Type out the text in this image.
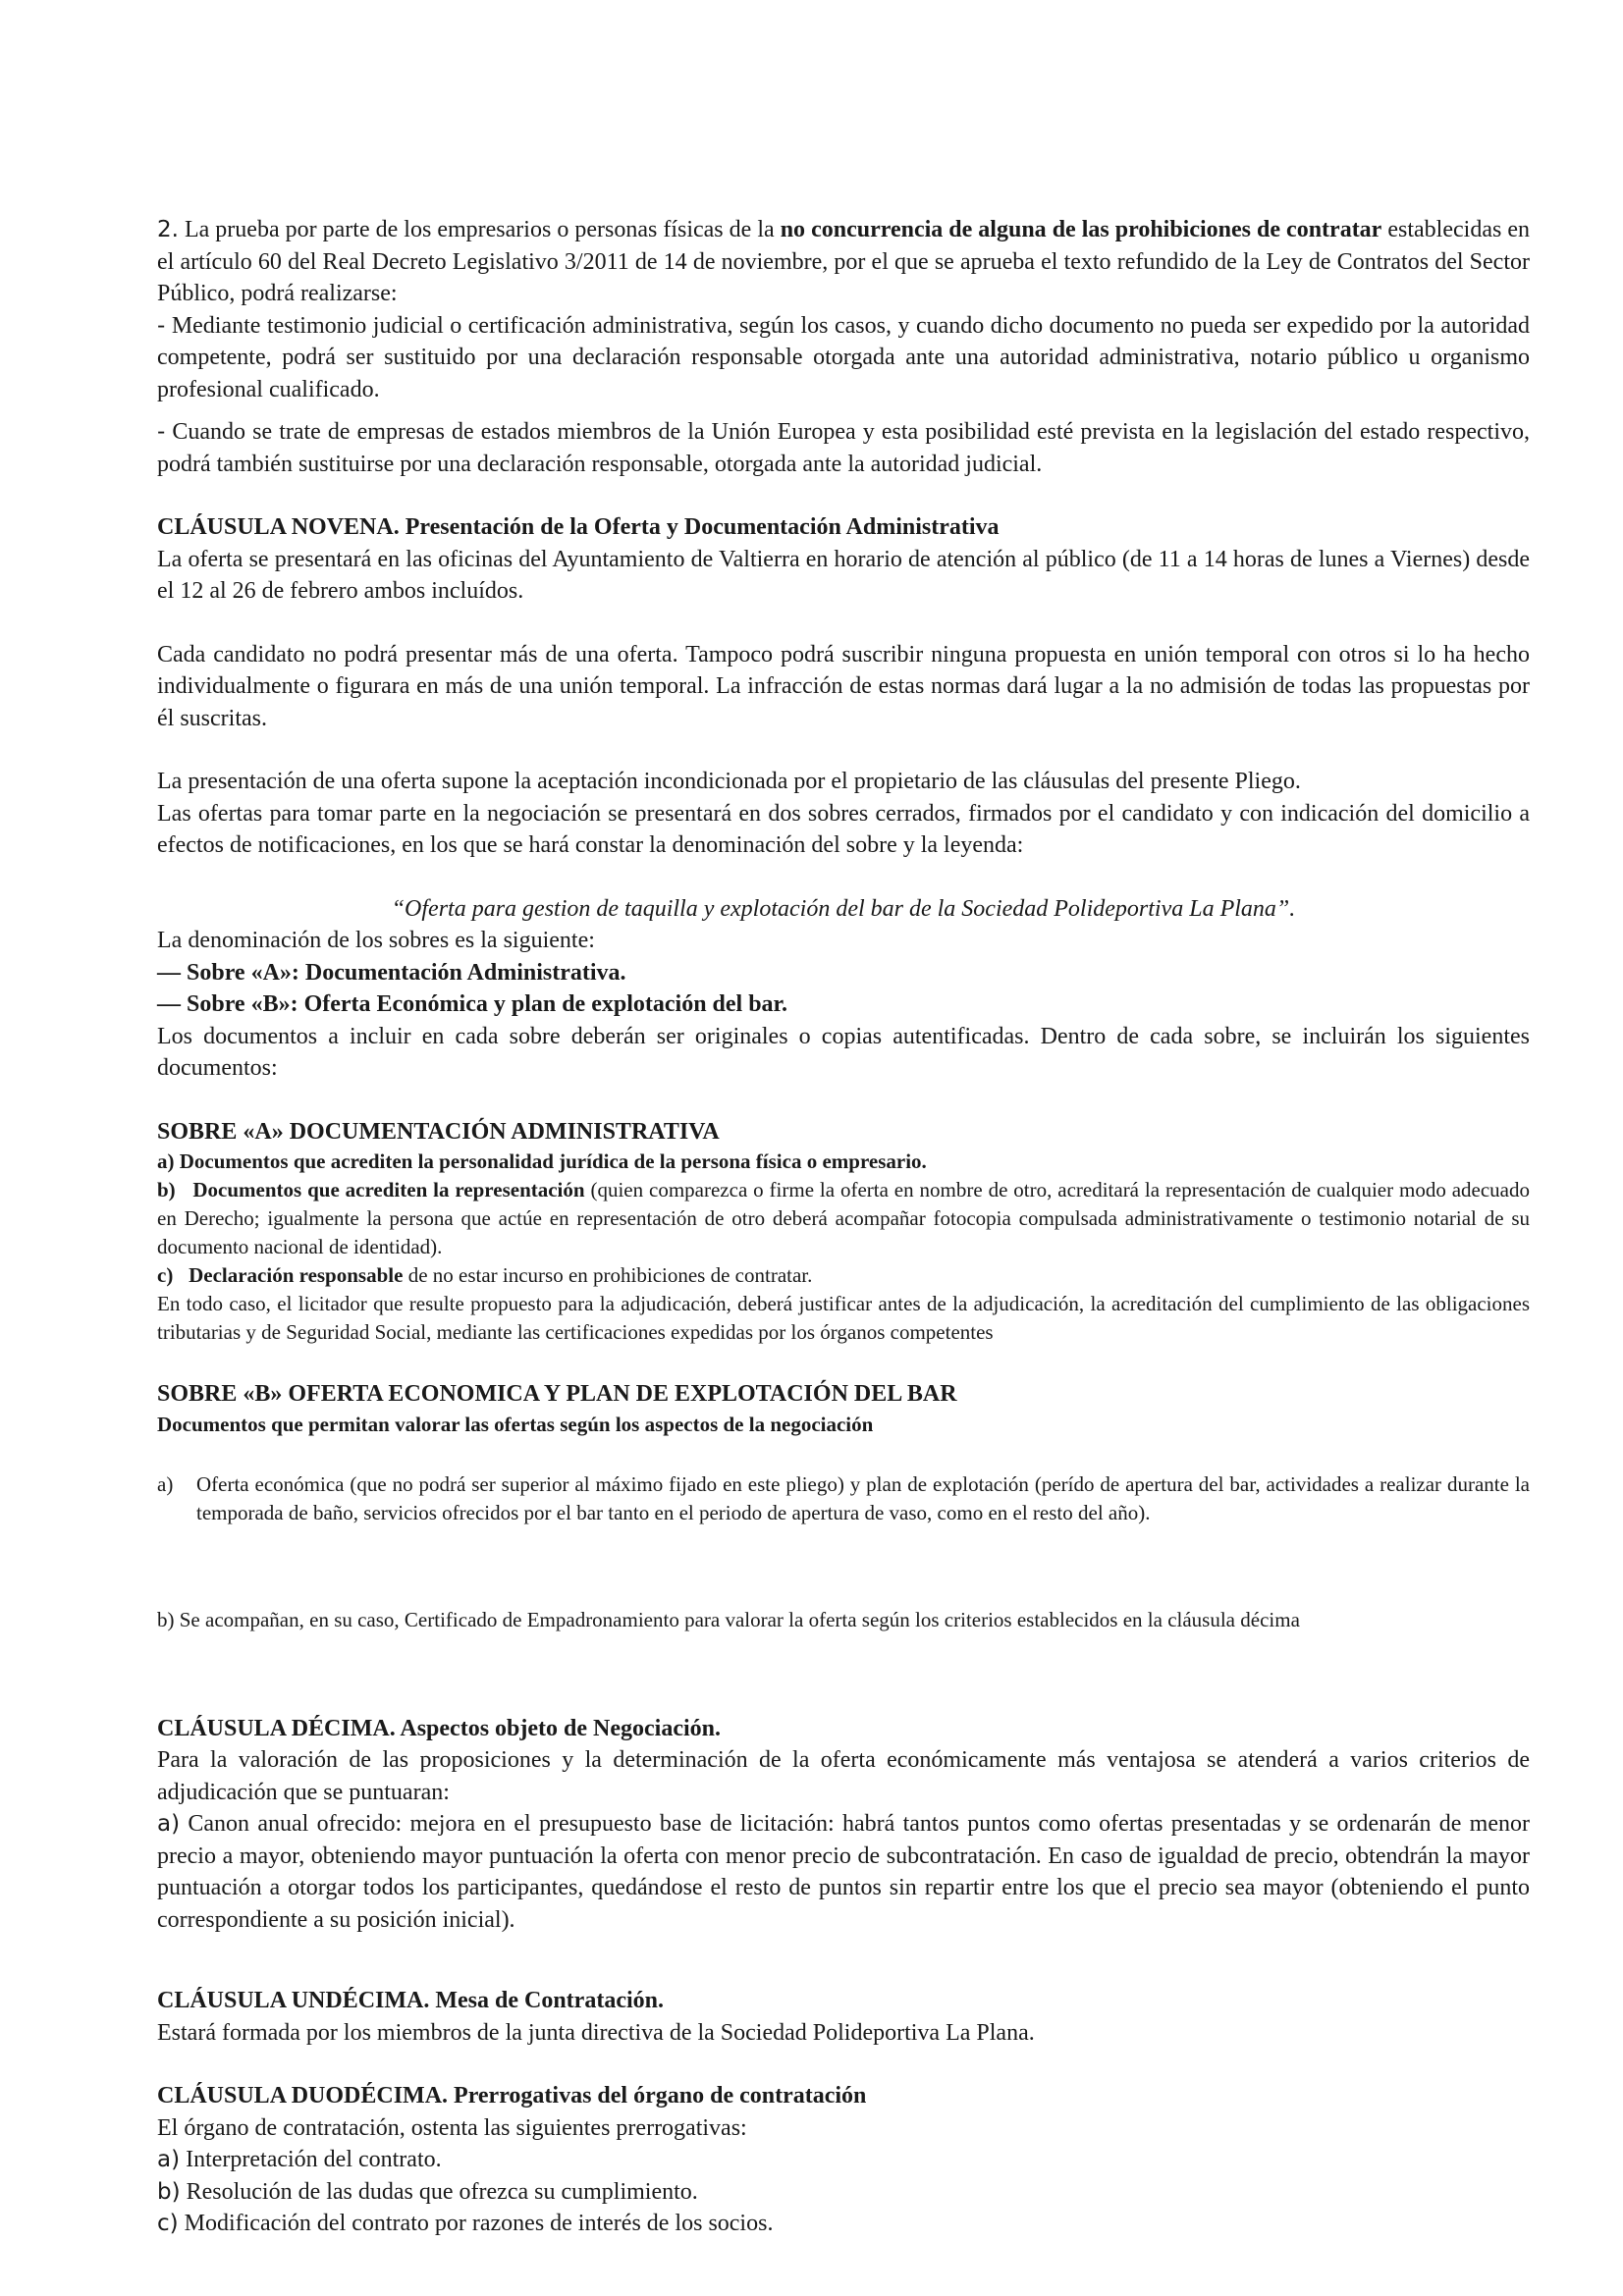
2. La prueba por parte de los empresarios o personas físicas de la no concurrencia de alguna de las prohibiciones de contratar establecidas en el artículo 60 del Real Decreto Legislativo 3/2011 de 14 de noviembre, por el que se aprueba el texto refundido de la Ley de Contratos del Sector Público, podrá realizarse:

- Mediante testimonio judicial o certificación administrativa, según los casos, y cuando dicho documento no pueda ser expedido por la autoridad competente, podrá ser sustituido por una declaración responsable otorgada ante una autoridad administrativa, notario público u organismo profesional cualificado.

- Cuando se trate de empresas de estados miembros de la Unión Europea y esta posibilidad esté prevista en la legislación del estado respectivo, podrá también sustituirse por una declaración responsable, otorgada ante la autoridad judicial.

CLÁUSULA NOVENA. Presentación de la Oferta y Documentación Administrativa

La oferta se presentará en las oficinas del Ayuntamiento de Valtierra en horario de atención al público (de 11 a 14 horas de lunes a Viernes) desde el 12 al 26 de febrero ambos incluídos.

Cada candidato no podrá presentar más de una oferta. Tampoco podrá suscribir ninguna propuesta en unión temporal con otros si lo ha hecho individualmente o figurara en más de una unión temporal. La infracción de estas normas dará lugar a la no admisión de todas las propuestas por él suscritas.

La presentación de una oferta supone la aceptación incondicionada por el propietario de las cláusulas del presente Pliego.

Las ofertas para tomar parte en la negociación se presentará en dos sobres cerrados, firmados por el candidato y con indicación del domicilio a efectos de notificaciones, en los que se hará constar la denominación del sobre y la leyenda:

“Oferta para gestion de taquilla y explotación del bar de la Sociedad Polideportiva La Plana”.

La denominación de los sobres es la siguiente:

— Sobre «A»: Documentación Administrativa.

— Sobre «B»: Oferta Económica y plan de explotación del bar.

Los documentos a incluir en cada sobre deberán ser originales o copias autentificadas. Dentro de cada sobre, se incluirán los siguientes documentos:

SOBRE «A» DOCUMENTACIÓN ADMINISTRATIVA

a) Documentos que acrediten la personalidad jurídica de la persona física o empresario.

b) Documentos que acrediten la representación (quien comparezca o firme la oferta en nombre de otro, acreditará la representación de cualquier modo adecuado en Derecho; igualmente la persona que actúe en representación de otro deberá acompañar fotocopia compulsada administrativamente o testimonio notarial de su documento nacional de identidad).

c) Declaración responsable de no estar incurso en prohibiciones de contratar.

En todo caso, el licitador que resulte propuesto para la adjudicación, deberá justificar antes de la adjudicación, la acreditación del cumplimiento de las obligaciones tributarias y de Seguridad Social, mediante las certificaciones expedidas por los órganos competentes

SOBRE «B» OFERTA ECONOMICA Y PLAN DE EXPLOTACIÓN DEL BAR

Documentos que permitan valorar las ofertas según los aspectos de la negociación

a)	Oferta económica (que no podrá ser superior al máximo fijado en este pliego) y plan de explotación (perído de apertura del bar, actividades a realizar durante la temporada de baño, servicios ofrecidos por el bar tanto en el periodo de apertura de vaso, como en el resto del año).

b) Se acompañan, en su caso, Certificado de Empadronamiento para valorar la oferta según los criterios establecidos en la cláusula décima

CLÁUSULA DÉCIMA. Aspectos objeto de Negociación.

Para la valoración de las proposiciones y la determinación de la oferta económicamente más ventajosa se atenderá a varios criterios de adjudicación que se puntuaran:

a) Canon anual ofrecido: mejora en el presupuesto base de licitación: habrá tantos puntos como ofertas presentadas y se ordenarán de menor precio a mayor, obteniendo mayor puntuación la oferta con menor precio de subcontratación. En caso de igualdad de precio, obtendrán la mayor puntuación a otorgar todos los participantes, quedándose el resto de puntos sin repartir entre los que el precio sea mayor (obteniendo el punto correspondiente a su posición inicial).

CLÁUSULA UNDÉCIMA. Mesa de Contratación.

Estará formada por los miembros de la junta directiva de la Sociedad Polideportiva La Plana.

CLÁUSULA DUODÉCIMA. Prerrogativas del órgano de contratación

El órgano de contratación, ostenta las siguientes prerrogativas:

a) Interpretación del contrato.

b) Resolución de las dudas que ofrezca su cumplimiento.

c) Modificación del contrato por razones de interés de los socios.
